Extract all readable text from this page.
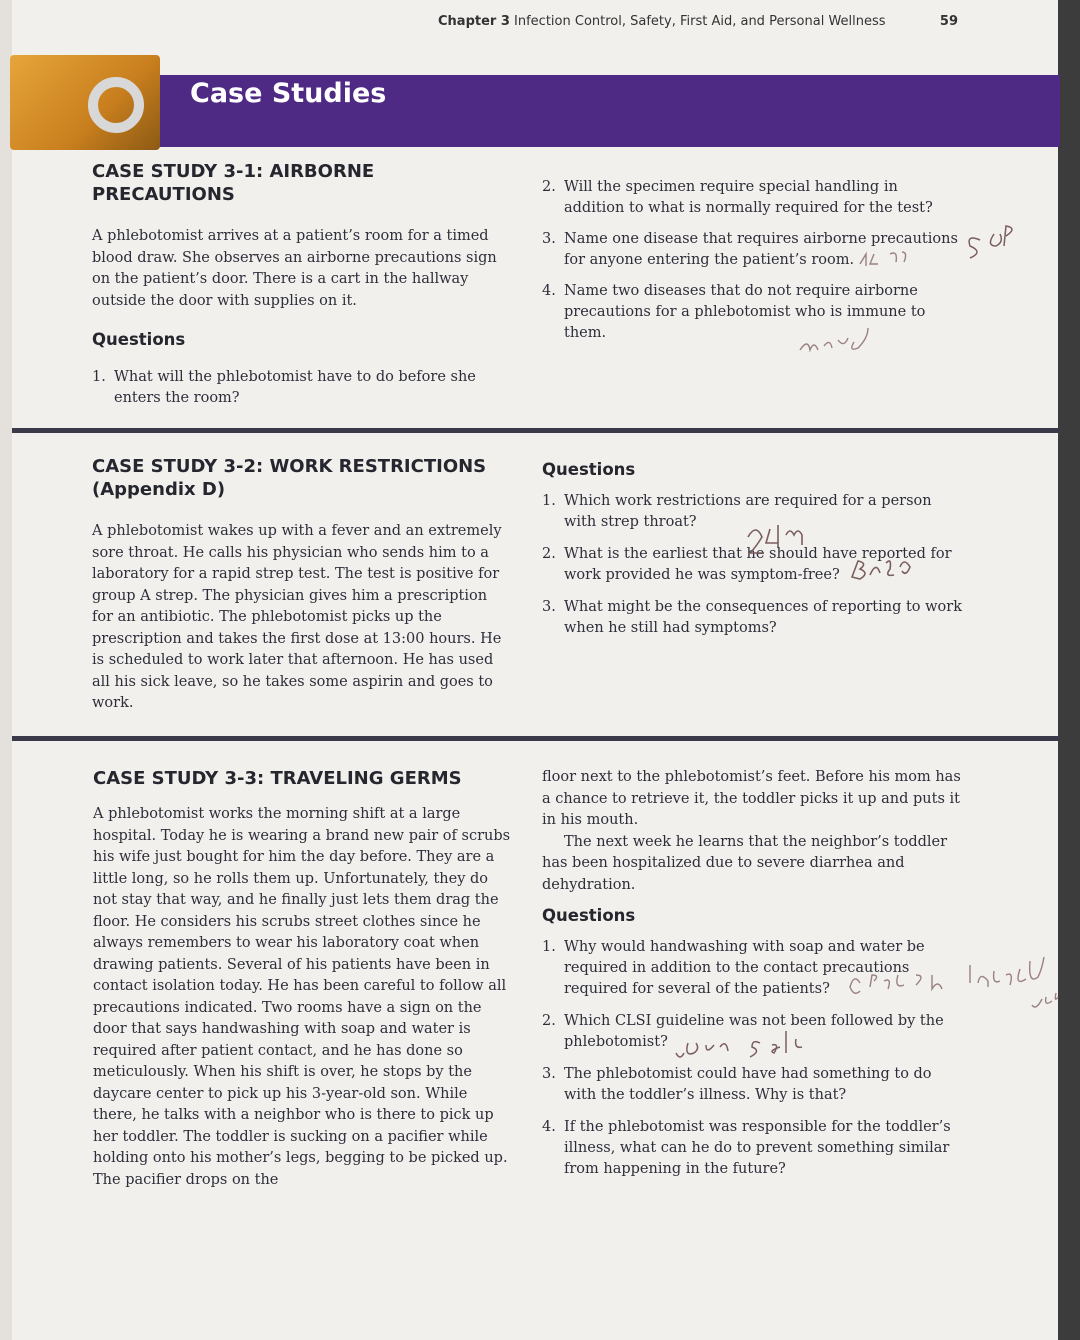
Chapter 3 Infection Control, Safety, First Aid, and Personal Wellness	59
Case Studies
CASE STUDY 3-1: AIRBORNE PRECAUTIONS

A phlebotomist arrives at a patient’s room for a timed blood draw. She observes an airborne precautions sign on the patient’s door. There is a cart in the hallway outside the door with supplies on it.

Questions

1. What will the phlebotomist have to do before she enters the room?

2. Will the specimen require special handling in addition to what is normally required for the test?

3. Name one disease that requires airborne precautions for anyone entering the patient’s room.

4. Name two diseases that do not require airborne precautions for a phlebotomist who is immune to them.

CASE STUDY 3-2: WORK RESTRICTIONS (Appendix D)

A phlebotomist wakes up with a fever and an extremely sore throat. He calls his physician who sends him to a laboratory for a rapid strep test. The test is positive for group A strep. The physician gives him a prescription for an antibiotic. The phlebotomist picks up the prescription and takes the first dose at 13:00 hours. He is scheduled to work later that afternoon. He has used all his sick leave, so he takes some aspirin and goes to work.

Questions

1. Which work restrictions are required for a person with strep throat?

2. What is the earliest that he should have reported for work provided he was symptom-free?

3. What might be the consequences of reporting to work when he still had symptoms?

CASE STUDY 3-3: TRAVELING GERMS

A phlebotomist works the morning shift at a large hospital. Today he is wearing a brand new pair of scrubs his wife just bought for him the day before. They are a little long, so he rolls them up. Unfortunately, they do not stay that way, and he finally just lets them drag the floor. He considers his scrubs street clothes since he always remembers to wear his laboratory coat when drawing patients. Several of his patients have been in contact isolation today. He has been careful to follow all precautions indicated. Two rooms have a sign on the door that says handwashing with soap and water is required after patient contact, and he has done so meticulously. When his shift is over, he stops by the daycare center to pick up his 3-year-old son. While there, he talks with a neighbor who is there to pick up her toddler. The toddler is sucking on a pacifier while holding onto his mother’s legs, begging to be picked up. The pacifier drops on the

floor next to the phlebotomist’s feet. Before his mom has a chance to retrieve it, the toddler picks it up and puts it in his mouth.

The next week he learns that the neighbor’s toddler has been hospitalized due to severe diarrhea and dehydration.

Questions

1. Why would handwashing with soap and water be required in addition to the contact precautions required for several of the patients?

2. Which CLSI guideline was not been followed by the phlebotomist?

3. The phlebotomist could have had something to do with the toddler’s illness. Why is that?

4. If the phlebotomist was responsible for the toddler’s illness, what can he do to prevent something similar from happening in the future?
